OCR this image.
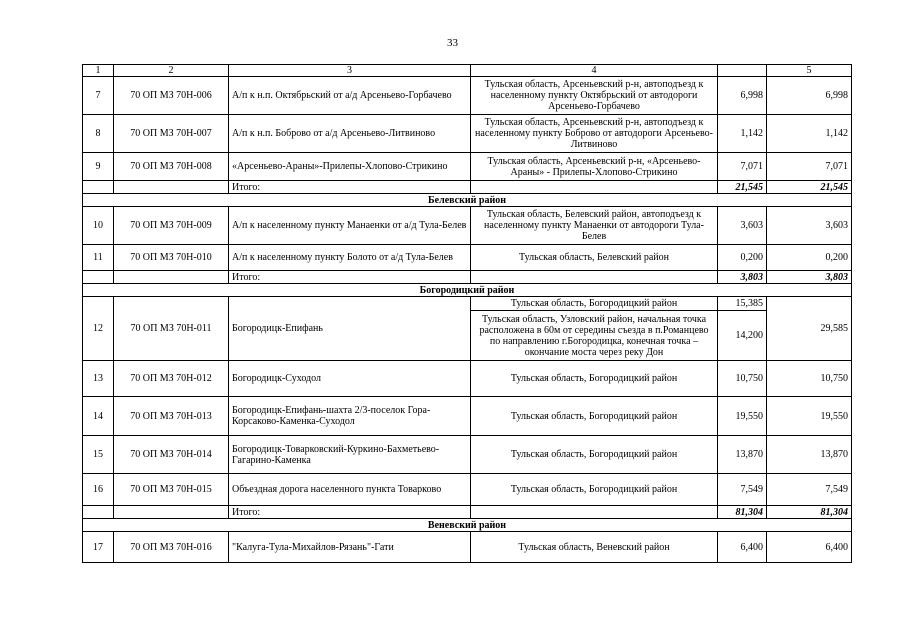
33
1	2	3	4		5
7	70 ОП МЗ 70Н-006	А/п к н.п. Октябрьский от а/д Арсеньево-Горбачево	Тульская область, Арсеньевский р-н, автоподъезд к населенному пункту Октябрьский от автодороги Арсеньево-Горбачево	6,998	6,998
8	70 ОП МЗ 70Н-007	А/п к н.п. Боброво от а/д Арсеньево-Литвиново	Тульская область, Арсеньевский р-н, автоподъезд к населенному пункту Боброво от автодороги Арсеньево-Литвиново	1,142	1,142
9	70 ОП МЗ 70Н-008	«Арсеньево-Араны»-Прилепы-Хлопово-Стрикино	Тульская область, Арсеньевский р-н, «Арсеньево-Араны» - Прилепы-Хлопово-Стрикино	7,071	7,071
		Итого:		21,545	21,545
Белевский район					
10	70 ОП МЗ 70Н-009	А/п к населенному пункту Манаенки от а/д Тула-Белев	Тульская область, Белевский район, автоподъезд к населенному пункту Манаенки от автодороги Тула-Белев	3,603	3,603
11	70 ОП МЗ 70Н-010	А/п к населенному пункту Болото от а/д Тула-Белев	Тульская область, Белевский район	0,200	0,200
		Итого:		3,803	3,803
Богородицкий район					
12	70 ОП МЗ 70Н-011	Богородицк-Епифань	Тульская область, Богородицкий район	15,385	29,585
			Тульская область, Узловский район, начальная точка расположена в 60м от середины съезда в п.Романцево по направлению г.Богородицка, конечная точка – окончание моста через реку Дон	14,200	
13	70 ОП МЗ 70Н-012	Богородицк-Суходол	Тульская область, Богородицкий район	10,750	10,750
14	70 ОП МЗ 70Н-013	Богородицк-Епифань-шахта 2/3-поселок Гора-Корсаково-Каменка-Суходол	Тульская область, Богородицкий район	19,550	19,550
15	70 ОП МЗ 70Н-014	Богородицк-Товарковский-Куркино-Бахметьево-Гагарино-Каменка	Тульская область, Богородицкий район	13,870	13,870
16	70 ОП МЗ 70Н-015	Объездная дорога населенного пункта Товарково	Тульская область, Богородицкий район	7,549	7,549
		Итого:		81,304	81,304
Веневский район					
17	70 ОП МЗ 70Н-016	"Калуга-Тула-Михайлов-Рязань"-Гати	Тульская область, Веневский район	6,400	6,400
